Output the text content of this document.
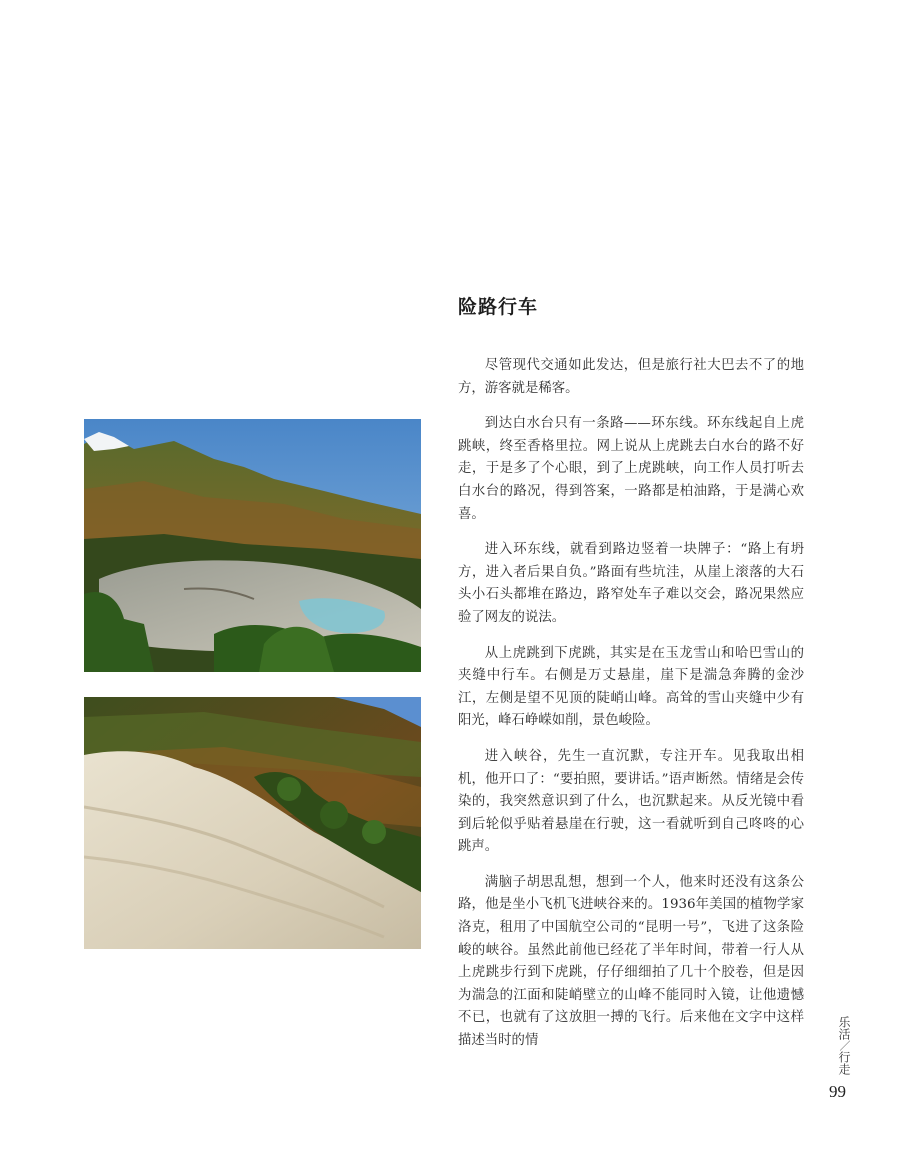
险路行车

尽管现代交通如此发达，但是旅行社大巴去不了的地方，游客就是稀客。

到达白水台只有一条路——环东线。环东线起自上虎跳峡，终至香格里拉。网上说从上虎跳去白水台的路不好走，于是多了个心眼，到了上虎跳峡，向工作人员打听去白水台的路况，得到答案，一路都是柏油路，于是满心欢喜。

进入环东线，就看到路边竖着一块牌子：“路上有坍方，进入者后果自负。”路面有些坑洼，从崖上滚落的大石头小石头都堆在路边，路窄处车子难以交会，路况果然应验了网友的说法。

从上虎跳到下虎跳，其实是在玉龙雪山和哈巴雪山的夹缝中行车。右侧是万丈悬崖，崖下是湍急奔腾的金沙江，左侧是望不见顶的陡峭山峰。高耸的雪山夹缝中少有阳光，峰石峥嵘如削，景色峻险。

进入峡谷，先生一直沉默，专注开车。见我取出相机，他开口了：“要拍照，要讲话。”语声断然。情绪是会传染的，我突然意识到了什么，也沉默起来。从反光镜中看到后轮似乎贴着悬崖在行驶，这一看就听到自己咚咚的心跳声。

满脑子胡思乱想，想到一个人，他来时还没有这条公路，他是坐小飞机飞进峡谷来的。1936年美国的植物学家洛克，租用了中国航空公司的“昆明一号”，飞进了这条险峻的峡谷。虽然此前他已经花了半年时间，带着一行人从上虎跳步行到下虎跳，仔仔细细拍了几十个胶卷，但是因为湍急的江面和陡峭壁立的山峰不能同时入镜，让他遗憾不已，也就有了这放胆一搏的飞行。后来他在文字中这样描述当时的情

乐活／行走
99
